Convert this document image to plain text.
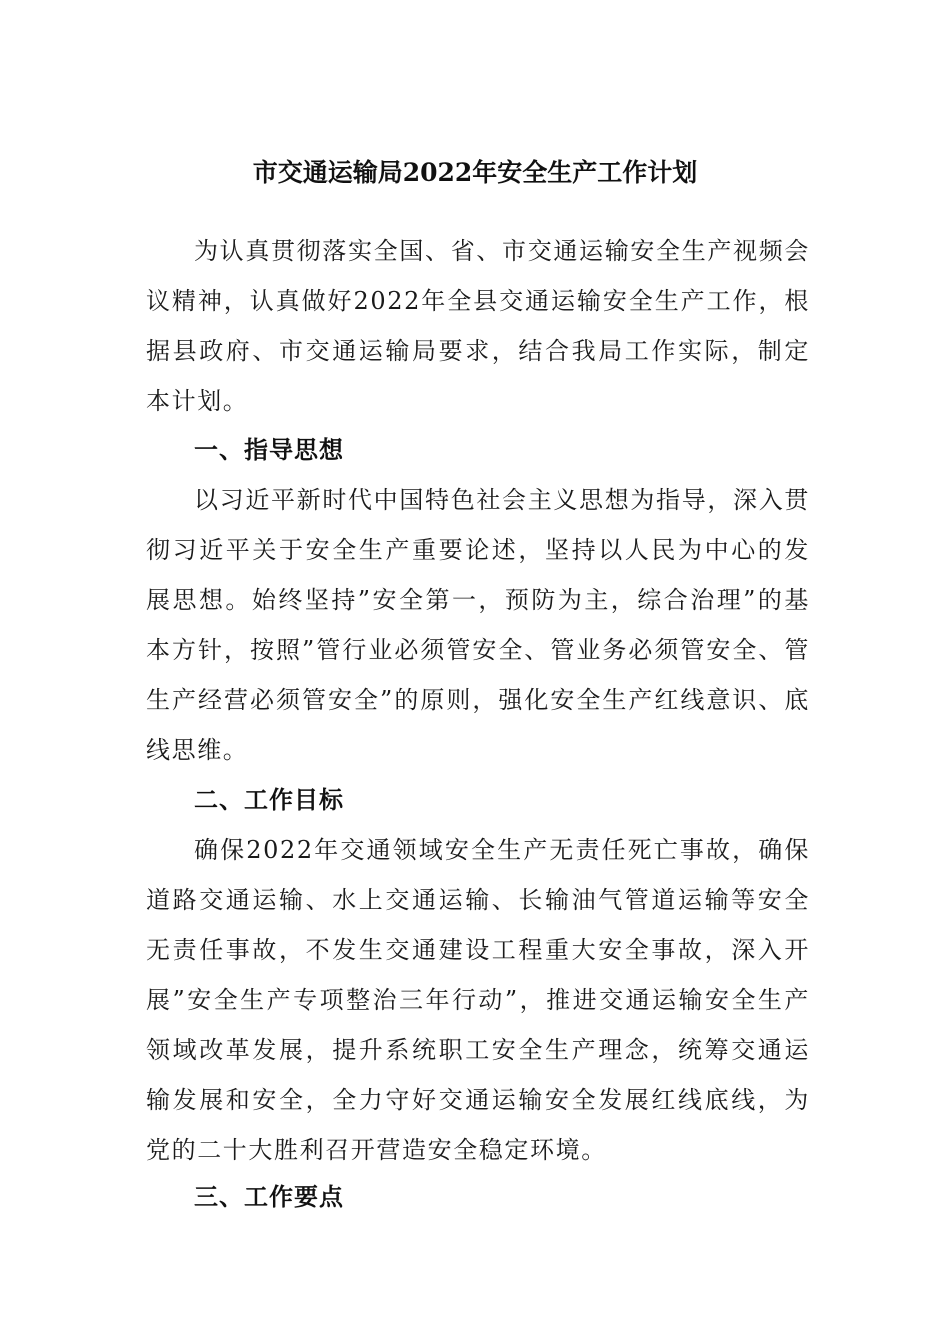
市交通运输局2022年安全生产工作计划

为认真贯彻落实全国、省、市交通运输安全生产视频会议精神，认真做好2022年全县交通运输安全生产工作，根据县政府、市交通运输局要求，结合我局工作实际，制定本计划。

一、指导思想

以习近平新时代中国特色社会主义思想为指导，深入贯彻习近平关于安全生产重要论述，坚持以人民为中心的发展思想。始终坚持”安全第一，预防为主，综合治理”的基本方针，按照”管行业必须管安全、管业务必须管安全、管生产经营必须管安全”的原则，强化安全生产红线意识、底线思维。

二、工作目标

确保2022年交通领域安全生产无责任死亡事故，确保道路交通运输、水上交通运输、长输油气管道运输等安全无责任事故，不发生交通建设工程重大安全事故，深入开展”安全生产专项整治三年行动”，推进交通运输安全生产领域改革发展，提升系统职工安全生产理念，统筹交通运输发展和安全，全力守好交通运输安全发展红线底线，为党的二十大胜利召开营造安全稳定环境。

三、工作要点
